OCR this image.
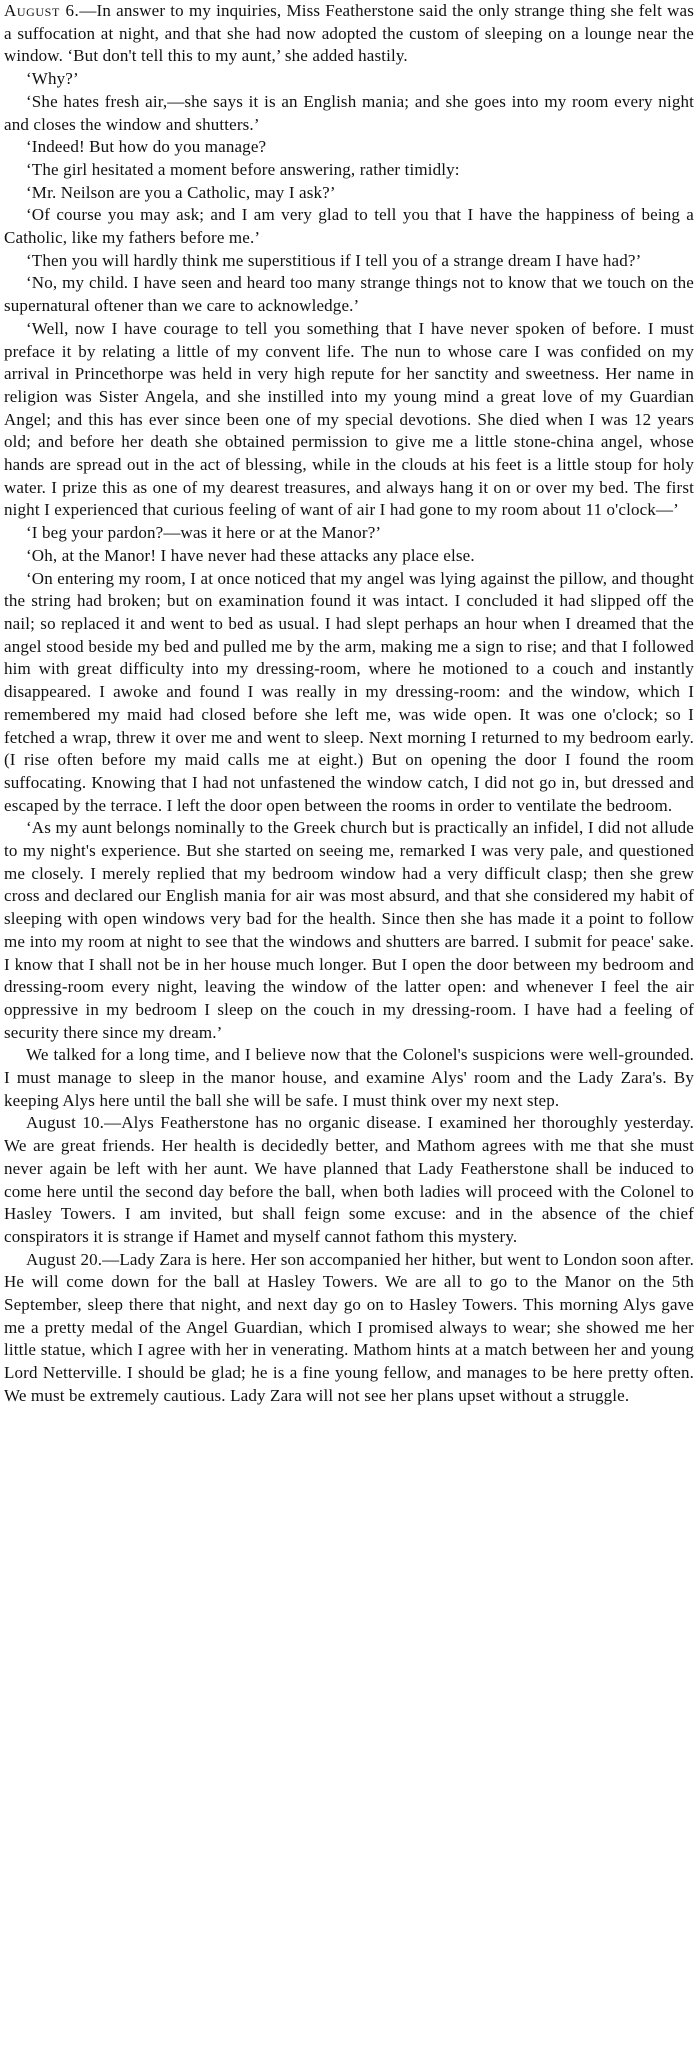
August 6.—In answer to my inquiries, Miss Featherstone said the only strange thing she felt was a suffocation at night, and that she had now adopted the custom of sleeping on a lounge near the window. ‘But don't tell this to my aunt,’ she added hastily.

‘Why?’

‘She hates fresh air,—she says it is an English mania; and she goes into my room every night and closes the window and shutters.’

‘Indeed! But how do you manage?

‘The girl hesitated a moment before answering, rather timidly:

‘Mr. Neilson are you a Catholic, may I ask?’

‘Of course you may ask; and I am very glad to tell you that I have the happiness of being a Catholic, like my fathers before me.’

‘Then you will hardly think me superstitious if I tell you of a strange dream I have had?’

‘No, my child. I have seen and heard too many strange things not to know that we touch on the supernatural oftener than we care to acknowledge.’

‘Well, now I have courage to tell you something that I have never spoken of before. I must preface it by relating a little of my convent life. The nun to whose care I was confided on my arrival in Princethorpe was held in very high repute for her sanctity and sweetness. Her name in religion was Sister Angela, and she instilled into my young mind a great love of my Guardian Angel; and this has ever since been one of my special devotions. She died when I was 12 years old; and before her death she obtained permission to give me a little stone-china angel, whose hands are spread out in the act of blessing, while in the clouds at his feet is a little stoup for holy water. I prize this as one of my dearest treasures, and always hang it on or over my bed. The first night I experienced that curious feeling of want of air I had gone to my room about 11 o'clock—’

‘I beg your pardon?—was it here or at the Manor?’

‘Oh, at the Manor! I have never had these attacks any place else.

‘On entering my room, I at once noticed that my angel was lying against the pillow, and thought the string had broken; but on examination found it was intact. I concluded it had slipped off the nail; so replaced it and went to bed as usual. I had slept perhaps an hour when I dreamed that the angel stood beside my bed and pulled me by the arm, making me a sign to rise; and that I followed him with great difficulty into my dressing-room, where he motioned to a couch and instantly disappeared. I awoke and found I was really in my dressing-room: and the window, which I remembered my maid had closed before she left me, was wide open. It was one o'clock; so I fetched a wrap, threw it over me and went to sleep. Next morning I returned to my bedroom early. (I rise often before my maid calls me at eight.) But on opening the door I found the room suffocating. Knowing that I had not unfastened the window catch, I did not go in, but dressed and escaped by the terrace. I left the door open between the rooms in order to ventilate the bedroom.

‘As my aunt belongs nominally to the Greek church but is practically an infidel, I did not allude to my night's experience. But she started on seeing me, remarked I was very pale, and questioned me closely. I merely replied that my bedroom window had a very difficult clasp; then she grew cross and declared our English mania for air was most absurd, and that she considered my habit of sleeping with open windows very bad for the health. Since then she has made it a point to follow me into my room at night to see that the windows and shutters are barred. I submit for peace' sake. I know that I shall not be in her house much longer. But I open the door between my bedroom and dressing-room every night, leaving the window of the latter open: and whenever I feel the air oppressive in my bedroom I sleep on the couch in my dressing-room. I have had a feeling of security there since my dream.’

We talked for a long time, and I believe now that the Colonel's suspicions were well-grounded. I must manage to sleep in the manor house, and examine Alys' room and the Lady Zara's. By keeping Alys here until the ball she will be safe. I must think over my next step.

August 10.—Alys Featherstone has no organic disease. I examined her thoroughly yesterday. We are great friends. Her health is decidedly better, and Mathom agrees with me that she must never again be left with her aunt. We have planned that Lady Featherstone shall be induced to come here until the second day before the ball, when both ladies will proceed with the Colonel to Hasley Towers. I am invited, but shall feign some excuse: and in the absence of the chief conspirators it is strange if Hamet and myself cannot fathom this mystery.

August 20.—Lady Zara is here. Her son accompanied her hither, but went to London soon after. He will come down for the ball at Hasley Towers. We are all to go to the Manor on the 5th September, sleep there that night, and next day go on to Hasley Towers. This morning Alys gave me a pretty medal of the Angel Guardian, which I promised always to wear; she showed me her little statue, which I agree with her in venerating. Mathom hints at a match between her and young Lord Netterville. I should be glad; he is a fine young fellow, and manages to be here pretty often. We must be extremely cautious. Lady Zara will not see her plans upset without a struggle.
